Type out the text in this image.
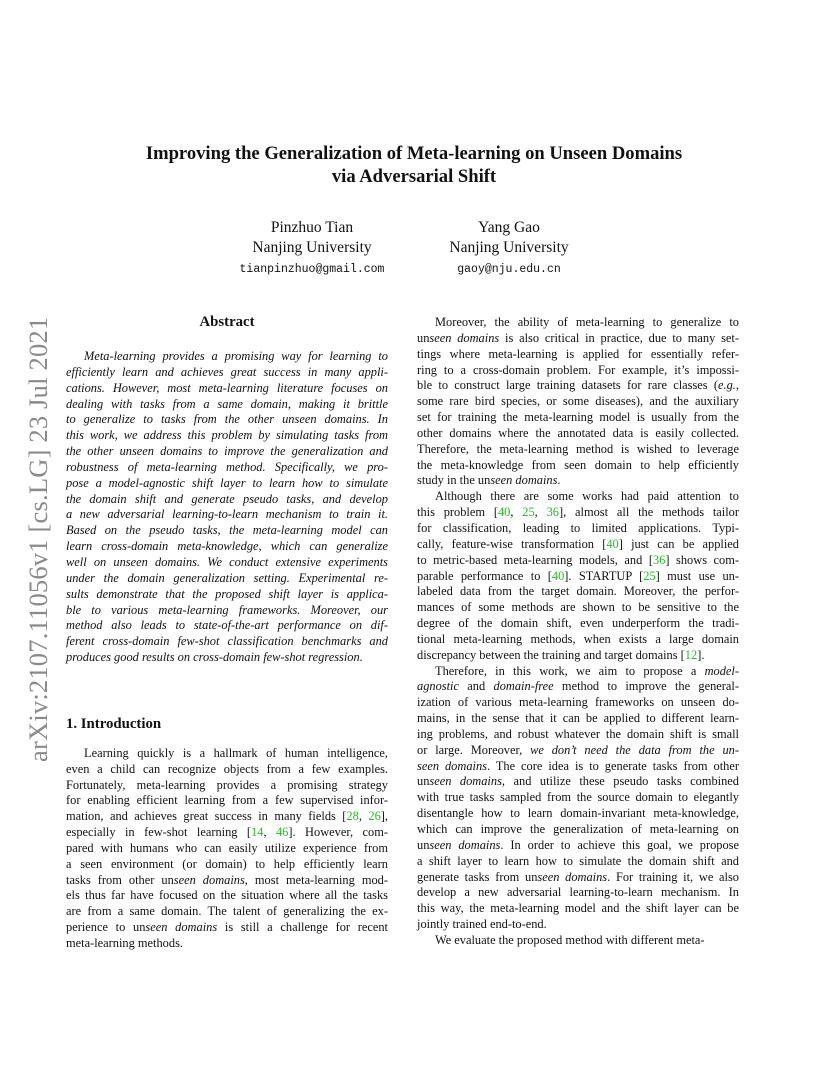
arXiv:2107.11056v1 [cs.LG] 23 Jul 2021
Improving the Generalization of Meta-learning on Unseen Domains
via Adversarial Shift
Pinzhuo Tian
Nanjing University
tianpinzhuo@gmail.com
Yang Gao
Nanjing University
gaoy@nju.edu.cn
Abstract

Meta-learning provides a promising way for learning to
efficiently learn and achieves great success in many appli-
cations. However, most meta-learning literature focuses on
dealing with tasks from a same domain, making it brittle
to generalize to tasks from the other unseen domains. In
this work, we address this problem by simulating tasks from
the other unseen domains to improve the generalization and
robustness of meta-learning method. Specifically, we pro-
pose a model-agnostic shift layer to learn how to simulate
the domain shift and generate pseudo tasks, and develop
a new adversarial learning-to-learn mechanism to train it.
Based on the pseudo tasks, the meta-learning model can
learn cross-domain meta-knowledge, which can generalize
well on unseen domains. We conduct extensive experiments
under the domain generalization setting. Experimental re-
sults demonstrate that the proposed shift layer is applica-
ble to various meta-learning frameworks. Moreover, our
method also leads to state-of-the-art performance on dif-
ferent cross-domain few-shot classification benchmarks and
produces good results on cross-domain few-shot regression.

1. Introduction

Learning quickly is a hallmark of human intelligence,
even a child can recognize objects from a few examples.
Fortunately, meta-learning provides a promising strategy
for enabling efficient learning from a few supervised infor-
mation, and achieves great success in many fields [28, 26],
especially in few-shot learning [14, 46]. However, com-
pared with humans who can easily utilize experience from
a seen environment (or domain) to help efficiently learn
tasks from other unseen domains, most meta-learning mod-
els thus far have focused on the situation where all the tasks
are from a same domain. The talent of generalizing the ex-
perience to unseen domains is still a challenge for recent
meta-learning methods.

Moreover, the ability of meta-learning to generalize to
unseen domains is also critical in practice, due to many set-
tings where meta-learning is applied for essentially refer-
ring to a cross-domain problem. For example, it’s impossi-
ble to construct large training datasets for rare classes (e.g.,
some rare bird species, or some diseases), and the auxiliary
set for training the meta-learning model is usually from the
other domains where the annotated data is easily collected.
Therefore, the meta-learning method is wished to leverage
the meta-knowledge from seen domain to help efficiently
study in the unseen domains.

Although there are some works had paid attention to
this problem [40, 25, 36], almost all the methods tailor
for classification, leading to limited applications. Typi-
cally, feature-wise transformation [40] just can be applied
to metric-based meta-learning models, and [36] shows com-
parable performance to [40]. STARTUP [25] must use un-
labeled data from the target domain. Moreover, the perfor-
mances of some methods are shown to be sensitive to the
degree of the domain shift, even underperform the tradi-
tional meta-learning methods, when exists a large domain
discrepancy between the training and target domains [12].

Therefore, in this work, we aim to propose a model-
agnostic and domain-free method to improve the general-
ization of various meta-learning frameworks on unseen do-
mains, in the sense that it can be applied to different learn-
ing problems, and robust whatever the domain shift is small
or large. Moreover, we don’t need the data from the un-
seen domains. The core idea is to generate tasks from other
unseen domains, and utilize these pseudo tasks combined
with true tasks sampled from the source domain to elegantly
disentangle how to learn domain-invariant meta-knowledge,
which can improve the generalization of meta-learning on
unseen domains. In order to achieve this goal, we propose
a shift layer to learn how to simulate the domain shift and
generate tasks from unseen domains. For training it, we also
develop a new adversarial learning-to-learn mechanism. In
this way, the meta-learning model and the shift layer can be
jointly trained end-to-end.

We evaluate the proposed method with different meta-
